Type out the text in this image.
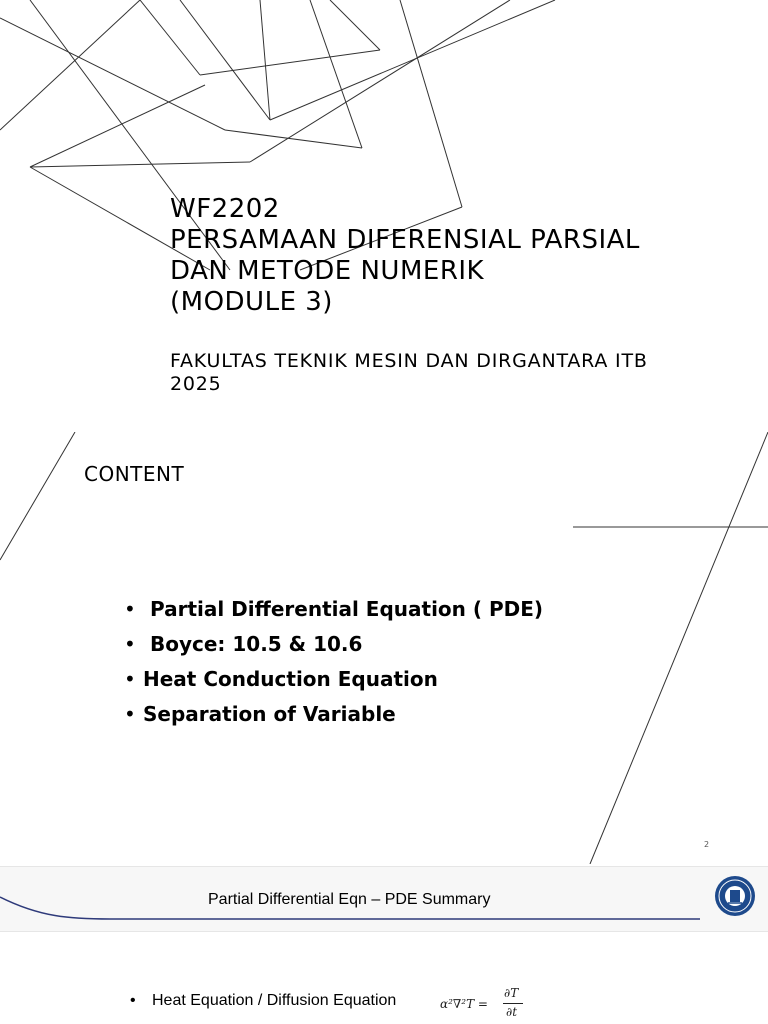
WF2202
PERSAMAAN DIFERENSIAL PARSIAL
DAN METODE NUMERIK
(MODULE 3)
FAKULTAS TEKNIK MESIN DAN DIRGANTARA ITB
2025
CONTENT
• Partial Differential Equation ( PDE)
• Boyce: 10.5 & 10.6
• Heat Conduction Equation
• Separation of Variable
2
Partial Differential Eqn – PDE Summary
• Heat Equation / Diffusion Equation	α²∇²T =
∂T
∂t
